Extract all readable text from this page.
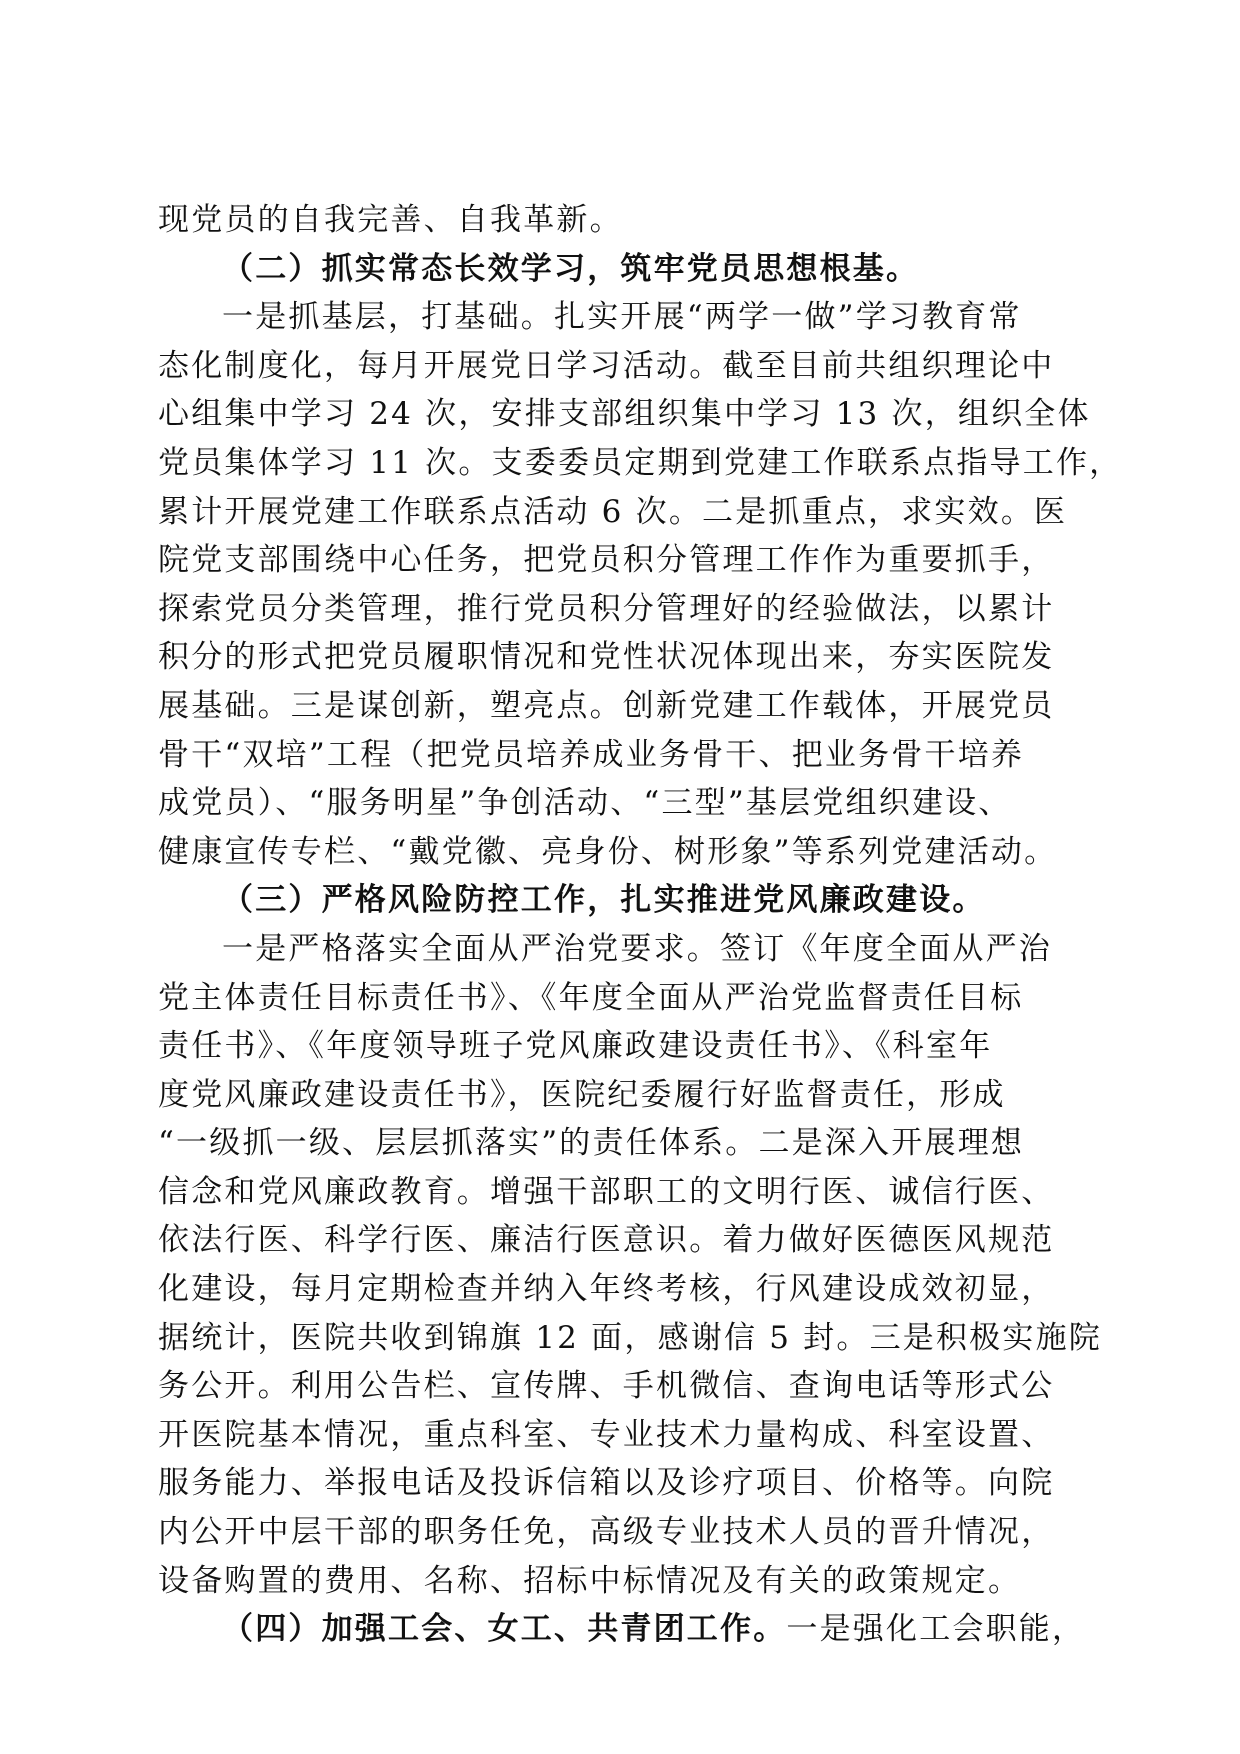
现党员的自我完善、自我革新。
（二）抓实常态长效学习，筑牢党员思想根基。
一是抓基层，打基础。扎实开展“两学一做”学习教育常
态化制度化，每月开展党日学习活动。截至目前共组织理论中
心组集中学习 24 次，安排支部组织集中学习 13 次，组织全体
党员集体学习 11 次。支委委员定期到党建工作联系点指导工作，
累计开展党建工作联系点活动 6 次。二是抓重点，求实效。医
院党支部围绕中心任务，把党员积分管理工作作为重要抓手，
探索党员分类管理，推行党员积分管理好的经验做法，以累计
积分的形式把党员履职情况和党性状况体现出来，夯实医院发
展基础。三是谋创新，塑亮点。创新党建工作载体，开展党员
骨干“双培”工程（把党员培养成业务骨干、把业务骨干培养
成党员）、“服务明星”争创活动、“三型”基层党组织建设、
健康宣传专栏、“戴党徽、亮身份、树形象”等系列党建活动。
（三）严格风险防控工作，扎实推进党风廉政建设。
一是严格落实全面从严治党要求。签订《年度全面从严治
党主体责任目标责任书》、《年度全面从严治党监督责任目标
责任书》、《年度领导班子党风廉政建设责任书》、《科室年
度党风廉政建设责任书》，医院纪委履行好监督责任，形成
“一级抓一级、层层抓落实”的责任体系。二是深入开展理想
信念和党风廉政教育。增强干部职工的文明行医、诚信行医、
依法行医、科学行医、廉洁行医意识。着力做好医德医风规范
化建设，每月定期检查并纳入年终考核，行风建设成效初显，
据统计，医院共收到锦旗 12 面，感谢信 5 封。三是积极实施院
务公开。利用公告栏、宣传牌、手机微信、查询电话等形式公
开医院基本情况，重点科室、专业技术力量构成、科室设置、
服务能力、举报电话及投诉信箱以及诊疗项目、价格等。向院
内公开中层干部的职务任免，高级专业技术人员的晋升情况，
设备购置的费用、名称、招标中标情况及有关的政策规定。
（四）加强工会、女工、共青团工作。一是强化工会职能，
